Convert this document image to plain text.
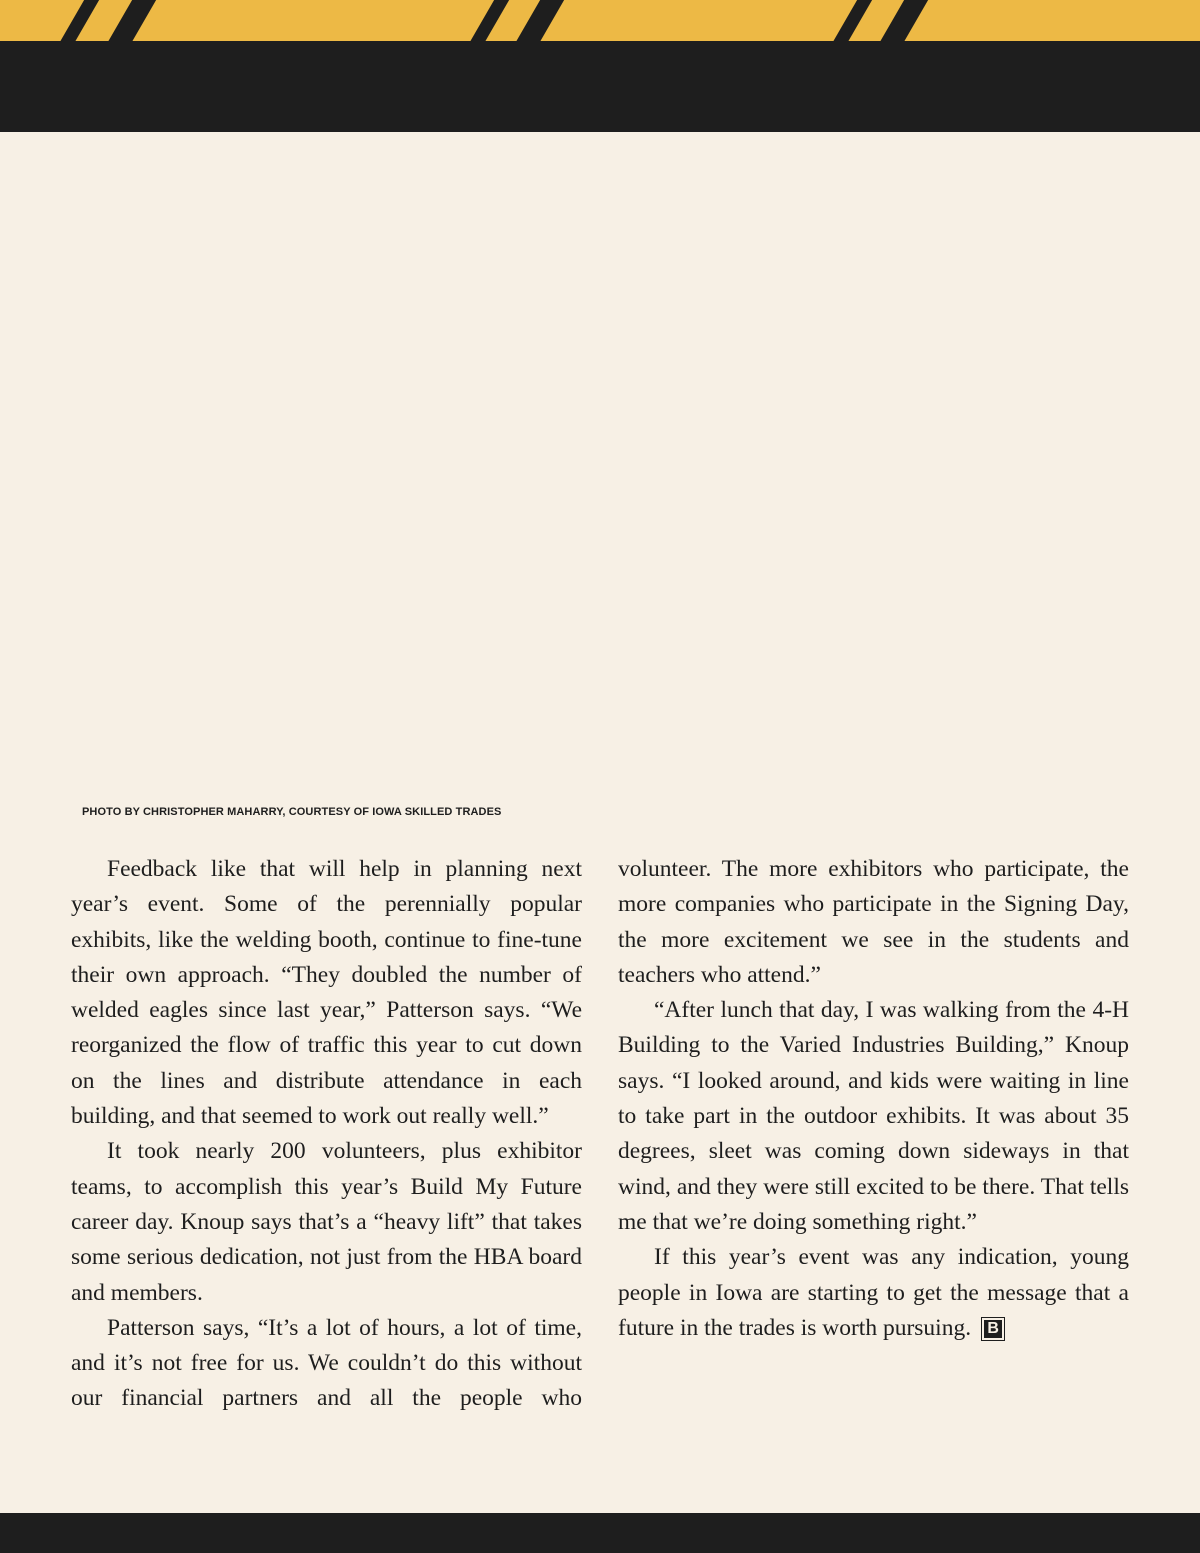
PHOTO BY CHRISTOPHER MAHARRY, COURTESY OF IOWA SKILLED TRADES

Feedback like that will help in planning next year’s event. Some of the perennially popular exhibits, like the welding booth, continue to fine-tune their own approach. “They doubled the number of welded eagles since last year,” Patterson says. “We reorganized the flow of traffic this year to cut down on the lines and distribute attendance in each building, and that seemed to work out really well.”

It took nearly 200 volunteers, plus exhibitor teams, to accomplish this year’s Build My Future career day. Knoup says that’s a “heavy lift” that takes some serious dedication, not just from the HBA board and members.

Patterson says, “It’s a lot of hours, a lot of time, and it’s not free for us. We couldn’t do this without our financial partners and all the people who

volunteer. The more exhibitors who participate, the more companies who participate in the Signing Day, the more excitement we see in the students and teachers who attend.”

“After lunch that day, I was walking from the 4-H Building to the Varied Industries Building,” Knoup says. “I looked around, and kids were waiting in line to take part in the outdoor exhibits. It was about 35 degrees, sleet was coming down sideways in that wind, and they were still excited to be there. That tells me that we’re doing something right.”

If this year’s event was any indication, young people in Iowa are starting to get the message that a future in the trades is worth pursuing. B
